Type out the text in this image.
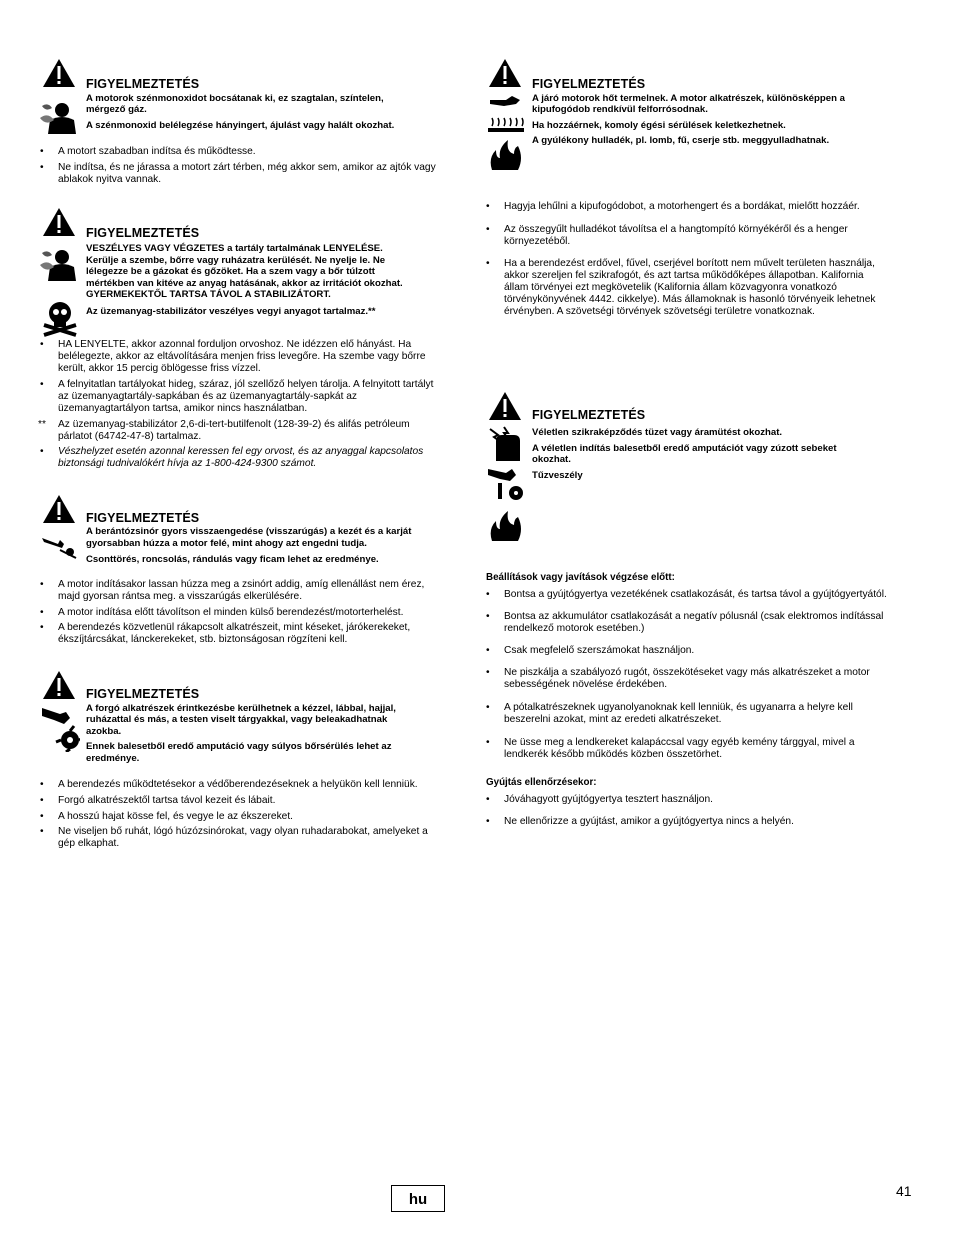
FIGYELMEZTETÉS
A motorok szénmonoxidot bocsátanak ki, ez szagtalan, színtelen,
mérgező gáz.
A szénmonoxid belélegzése hányingert, ájulást vagy halált okozhat.
• A motort szabadban indítsa és működtesse.
• Ne indítsa, és ne járassa a motort zárt térben, még akkor sem, amikor az ajtók vagy
ablakok nyitva vannak.
FIGYELMEZTETÉS
VESZÉLYES VAGY VÉGZETES a tartály tartalmának LENYELÉSE.
Kerülje a szembe, bőrre vagy ruházatra kerülését. Ne nyelje le. Ne
lélegezze be a gázokat és gőzöket. Ha a szem vagy a bőr túlzott
mértékben van kitéve az anyag hatásának, akkor az irritációt okozhat.
GYERMEKEKTŐL TARTSA TÁVOL A STABILIZÁTORT.
Az üzemanyag-stabilizátor veszélyes vegyi anyagot tartalmaz.**
• HA LENYELTE, akkor azonnal forduljon orvoshoz. Ne idézzen elő hányást. Ha
belélegezte, akkor az eltávolítására menjen friss levegőre. Ha szembe vagy bőrre
került, akkor 15 percig öblögesse friss vízzel.
• A felnyitatlan tartályokat hideg, száraz, jól szellőző helyen tárolja. A felnyitott tartályt
az üzemanyagtartály-sapkában és az üzemanyagtartály-sapkát az
üzemanyagtartályon tartsa, amikor nincs használatban.
** Az üzemanyag-stabilizátor 2,6-di-tert-butilfenolt (128-39-2) és alifás petróleum
párlatot (64742-47-8) tartalmaz.
• Vészhelyzet esetén azonnal keressen fel egy orvost, és az anyaggal kapcsolatos
biztonsági tudnivalókért hívja az 1-800-424-9300 számot.
FIGYELMEZTETÉS
A berántózsinór gyors visszaengedése (visszarúgás) a kezét és a karját
gyorsabban húzza a motor felé, mint ahogy azt engedni tudja.
Csonttörés, roncsolás, rándulás vagy ficam lehet az eredménye.
• A motor indításakor lassan húzza meg a zsinórt addig, amíg ellenállást nem érez,
majd gyorsan rántsa meg. a visszarúgás elkerülésére.
• A motor indítása előtt távolítson el minden külső berendezést/motorterhelést.
• A berendezés közvetlenül rákapcsolt alkatrészeit, mint késeket, járókerekeket,
ékszíjtárcsákat, lánckerekeket, stb. biztonságosan rögzíteni kell.
FIGYELMEZTETÉS
A forgó alkatrészek érintkezésbe kerülhetnek a kézzel, lábbal, hajjal,
ruházattal és más, a testen viselt tárgyakkal, vagy beleakadhatnak
azokba.
Ennek balesetből eredő amputáció vagy súlyos bőrsérülés lehet az
eredménye.
• A berendezés működtetésekor a védőberendezéseknek a helyükön kell lenniük.
• Forgó alkatrészektől tartsa távol kezeit és lábait.
• A hosszú hajat kösse fel, és vegye le az ékszereket.
• Ne viseljen bő ruhát, lógó húzózsinórokat, vagy olyan ruhadarabokat, amelyeket a
gép elkaphat.
FIGYELMEZTETÉS
A járó motorok hőt termelnek. A motor alkatrészek, különösképpen a
kipufogódob rendkívül felforrósodnak.
Ha hozzáérnek, komoly égési sérülések keletkezhetnek.
A gyúlékony hulladék, pl. lomb, fű, cserje stb. meggyulladhatnak.
• Hagyja lehűlni a kipufogódobot, a motorhengert és a bordákat, mielőtt hozzáér.
• Az összegyűlt hulladékot távolítsa el a hangtompító környékéről és a henger
környezetéből.
• Ha a berendezést erdővel, fűvel, cserjével borított nem művelt területen használja,
akkor szereljen fel szikrafogót, és azt tartsa működőképes állapotban. Kalifornia
állam törvényei ezt megkövetelik (Kalifornia állam közvagyonra vonatkozó
törvénykönyvének 4442. cikkelye). Más államoknak is hasonló törvényeik lehetnek
érvényben. A szövetségi törvények szövetségi területre vonatkoznak.
FIGYELMEZTETÉS
Véletlen szikraképződés tüzet vagy áramütést okozhat.
A véletlen indítás balesetből eredő amputációt vagy zúzott sebeket
okozhat.
Tűzveszély
Beállítások vagy javítások végzése előtt:
• Bontsa a gyújtógyertya vezetékének csatlakozását, és tartsa távol a gyújtógyertyától.
• Bontsa az akkumulátor csatlakozását a negatív pólusnál (csak elektromos indítással
rendelkező motorok esetében.)
• Csak megfelelő szerszámokat használjon.
• Ne piszkálja a szabályozó rugót, összekötéseket vagy más alkatrészeket a motor
sebességének növelése érdekében.
• A pótalkatrészeknek ugyanolyanoknak kell lenniük, és ugyanarra a helyre kell
beszerelni azokat, mint az eredeti alkatrészeket.
• Ne üsse meg a lendkereket kalapáccsal vagy egyéb kemény tárggyal, mivel a
lendkerék később működés közben összetörhet.
Gyújtás ellenőrzésekor:
• Jóváhagyott gyújtógyertya tesztert használjon.
• Ne ellenőrizze a gyújtást, amikor a gyújtógyertya nincs a helyén.
hu	41
